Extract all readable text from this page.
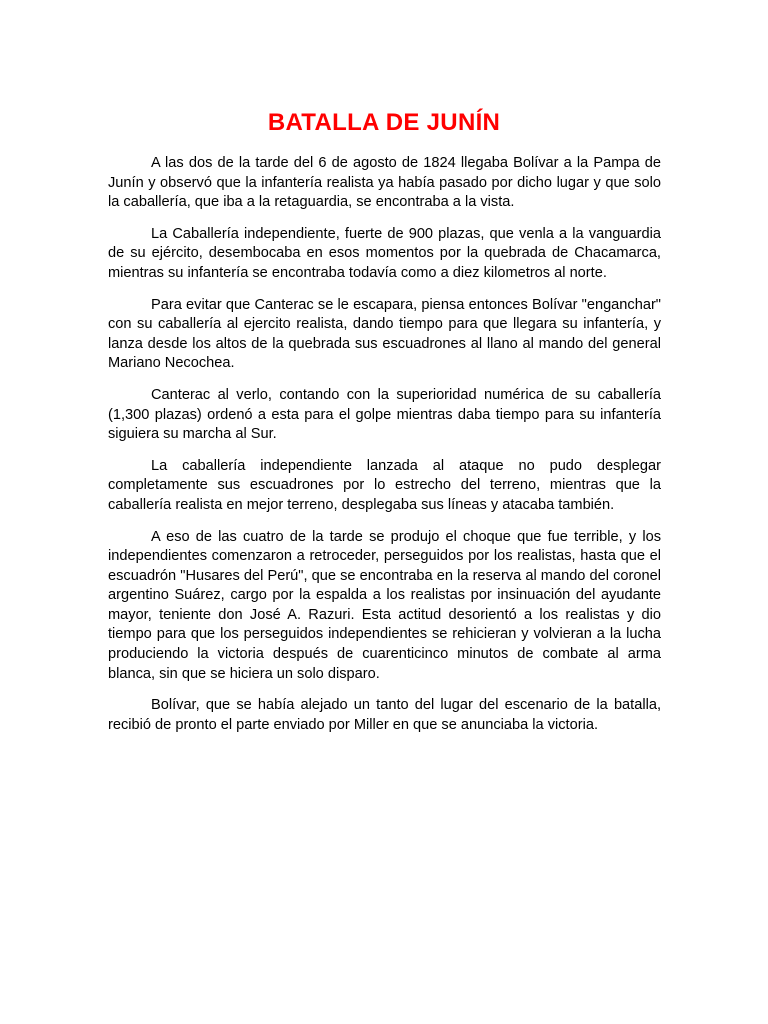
BATALLA DE JUNÍN

A las dos de la tarde del 6 de agosto de 1824 llegaba Bolívar a la Pampa de Junín y observó que la infantería realista ya había pasado por dicho lugar y que solo la caballería, que iba a la retaguardia, se encontraba a la vista.

La Caballería independiente, fuerte de 900 plazas, que venla a la vanguardia de su ejército, desembocaba en esos momentos por la quebrada de Chacamarca, mientras su infantería se encontraba todavía como a diez kilometros al norte.

Para evitar que Canterac se le escapara, piensa entonces Bolívar "enganchar" con su caballería al ejercito realista, dando tiempo para que llegara su infantería, y lanza desde los altos de la quebrada sus escuadrones al llano al mando del general Mariano Necochea.

Canterac al verlo, contando con la superioridad numérica de su caballería (1,300 plazas) ordenó a esta para el golpe mientras daba tiempo para su infantería siguiera su marcha al Sur.

La caballería independiente lanzada al ataque no pudo desplegar completamente sus escuadrones por lo estrecho del terreno, mientras que la caballería realista en mejor terreno, desplegaba sus líneas y atacaba también.

A eso de las cuatro de la tarde se produjo el choque que fue terrible, y los independientes comenzaron a retroceder, perseguidos por los realistas, hasta que el escuadrón "Husares del Perú", que se encontraba en la reserva al mando del coronel argentino Suárez, cargo por la espalda a los realistas por insinuación del ayudante mayor, teniente don José A. Razuri. Esta actitud desorientó a los realistas y dio tiempo para que los perseguidos independientes se rehicieran y volvieran a la lucha produciendo la victoria después de cuarenticinco minutos de combate al arma blanca, sin que se hiciera un solo disparo.

Bolívar, que se había alejado un tanto del lugar del escenario de la batalla, recibió de pronto el parte enviado por Miller en que se anunciaba la victoria.
